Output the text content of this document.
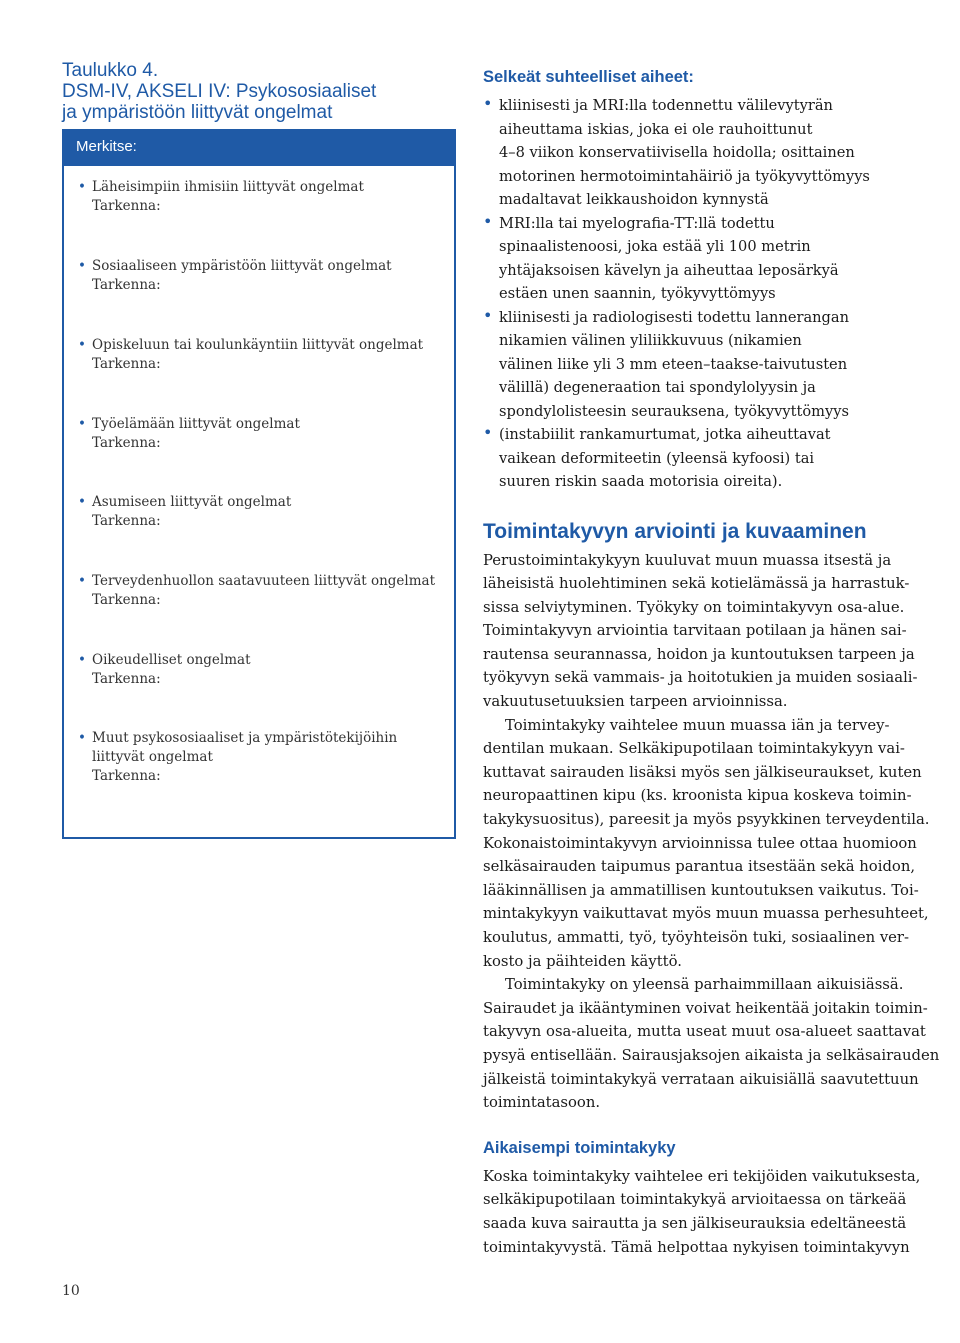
Taulukko 4.
DSM-IV, AKSELI IV: Psykososiaaliset
ja ympäristöön liittyvät ongelmat
Merkitse:
• Läheisimpiin ihmisiin liittyvät ongelmat
Tarkenna:
• Sosiaaliseen ympäristöön liittyvät ongelmat
Tarkenna:
• Opiskeluun tai koulunkäyntiin liittyvät ongelmat
Tarkenna:
• Työelämään liittyvät ongelmat
Tarkenna:
• Asumiseen liittyvät ongelmat
Tarkenna:
• Terveydenhuollon saatavuuteen liittyvät ongelmat
Tarkenna:
• Oikeudelliset ongelmat
Tarkenna:
• Muut psykososiaaliset ja ympäristötekijöihin
liittyvät ongelmat
Tarkenna:
Selkeät suhteelliset aiheet:
• kliinisesti ja MRI:lla todennettu välilevytyrän
aiheuttama iskias, joka ei ole rauhoittunut
4–8 viikon konservatiivisella hoidolla; osittainen
motorinen hermotoimintahäiriö ja työkyvyttömyys
madaltavat leikkaushoidon kynnystä
• MRI:lla tai myelografia-TT:llä todettu
spinaalistenoosi, joka estää yli 100 metrin
yhtäjaksoisen kävelyn ja aiheuttaa leposärkyä
estäen unen saannin, työkyvyttömyys
• kliinisesti ja radiologisesti todettu lannerangan
nikamien välinen yliliikkuvuus (nikamien
välinen liike yli 3 mm eteen–taakse-taivutusten
välillä) degeneraation tai spondylolyysin ja
spondylolisteesin seurauksena, työkyvyttömyys
• (instabiilit rankamurtumat, jotka aiheuttavat
vaikean deformiteetin (yleensä kyfoosi) tai
suuren riskin saada motorisia oireita).
Toimintakyvyn arviointi ja kuvaaminen
Perustoimintakykyyn kuuluvat muun muassa itsestä ja
läheisistä huolehtiminen sekä kotielämässä ja harrastuk-
sissa selviytyminen. Työkyky on toimintakyvyn osa-alue.
Toimintakyvyn arviointia tarvitaan potilaan ja hänen sai-
rautensa seurannassa, hoidon ja kuntoutuksen tarpeen ja
työkyvyn sekä vammais- ja hoitotukien ja muiden sosiaali-
vakuutusetuuksien tarpeen arvioinnissa.
Toimintakyky vaihtelee muun muassa iän ja tervey-
dentilan mukaan. Selkäkipupotilaan toimintakykyyn vai-
kuttavat sairauden lisäksi myös sen jälkiseuraukset, kuten
neuropaattinen kipu (ks. kroonista kipua koskeva toimin-
takykysuositus), pareesit ja myös psyykkinen terveydentila.
Kokonaistoimintakyvyn arvioinnissa tulee ottaa huomioon
selkäsairauden taipumus parantua itsestään sekä hoidon,
lääkinnällisen ja ammatillisen kuntoutuksen vaikutus. Toi-
mintakykyyn vaikuttavat myös muun muassa perhesuhteet,
koulutus, ammatti, työ, työyhteisön tuki, sosiaalinen ver-
kosto ja päihteiden käyttö.
Toimintakyky on yleensä parhaimmillaan aikuisiässä.
Sairaudet ja ikääntyminen voivat heikentää joitakin toimin-
takyvyn osa-alueita, mutta useat muut osa-alueet saattavat
pysyä entisellään. Sairausjaksojen aikaista ja selkäsairauden
jälkeistä toimintakykyä verrataan aikuisiällä saavutettuun
toimintatasoon.
Aikaisempi toimintakyky
Koska toimintakyky vaihtelee eri tekijöiden vaikutuksesta,
selkäkipupotilaan toimintakykyä arvioitaessa on tärkeää
saada kuva sairautta ja sen jälkiseurauksia edeltäneestä
toimintakyvystä. Tämä helpottaa nykyisen toimintakyvyn
10
